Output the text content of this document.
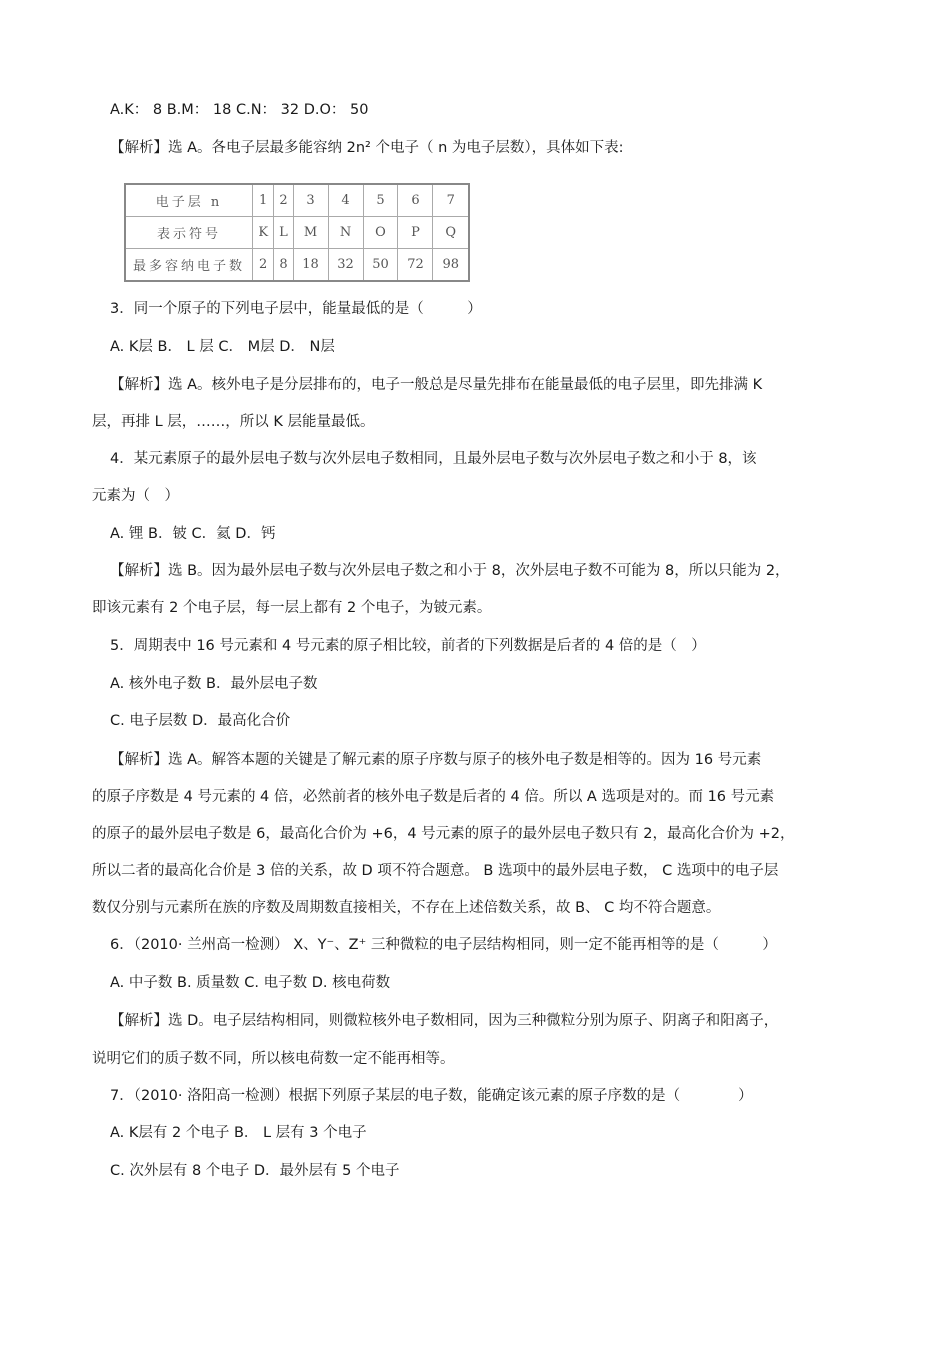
A.K： 8 B.M： 18 C.N： 32 D.O： 50
【解析】选 A。各电子层最多能容纳 2n² 个电子（ n 为电子层数），具体如下表:
电子层 n	1	2	3	4	5	6	7
表示符号	K	L	M	N	O	P	Q
最多容纳电子数	2	8	18	32	50	72	98
3．同一个原子的下列电子层中，能量最低的是（　　　）
A. K层 B． L 层 C． M层 D． N层
【解析】选 A。核外电子是分层排布的，电子一般总是尽量先排布在能量最低的电子层里，即先排满 K
层，再排 L 层，……，所以 K 层能量最低。
4．某元素原子的最外层电子数与次外层电子数相同，且最外层电子数与次外层电子数之和小于 8，该
元素为（　）
A. 锂 B．铍 C．氦 D．钙
【解析】选 B。因为最外层电子数与次外层电子数之和小于 8，次外层电子数不可能为 8，所以只能为 2，
即该元素有 2 个电子层，每一层上都有 2 个电子，为铍元素。
5．周期表中 16 号元素和 4 号元素的原子相比较，前者的下列数据是后者的 4 倍的是（　）
A. 核外电子数 B．最外层电子数
C. 电子层数 D．最高化合价
【解析】选 A。解答本题的关键是了解元素的原子序数与原子的核外电子数是相等的。因为 16 号元素
的原子序数是 4 号元素的 4 倍，必然前者的核外电子数是后者的 4 倍。所以 A 选项是对的。而 16 号元素
的原子的最外层电子数是 6，最高化合价为 +6，4 号元素的原子的最外层电子数只有 2，最高化合价为 +2，
所以二者的最高化合价是 3 倍的关系，故 D 项不符合题意。 B 选项中的最外层电子数， C 选项中的电子层
数仅分别与元素所在族的序数及周期数直接相关，不存在上述倍数关系，故 B、 C 均不符合题意。
6．（2010· 兰州高一检测） X、Y⁻、Z⁺ 三种微粒的电子层结构相同，则一定不能再相等的是（　　　）
A. 中子数 B. 质量数 C. 电子数 D. 核电荷数
【解析】选 D。电子层结构相同，则微粒核外电子数相同，因为三种微粒分别为原子、阴离子和阳离子，
说明它们的质子数不同，所以核电荷数一定不能再相等。
7．（2010· 洛阳高一检测）根据下列原子某层的电子数，能确定该元素的原子序数的是（　　　　）
A. K层有 2 个电子 B． L 层有 3 个电子
C. 次外层有 8 个电子 D．最外层有 5 个电子
